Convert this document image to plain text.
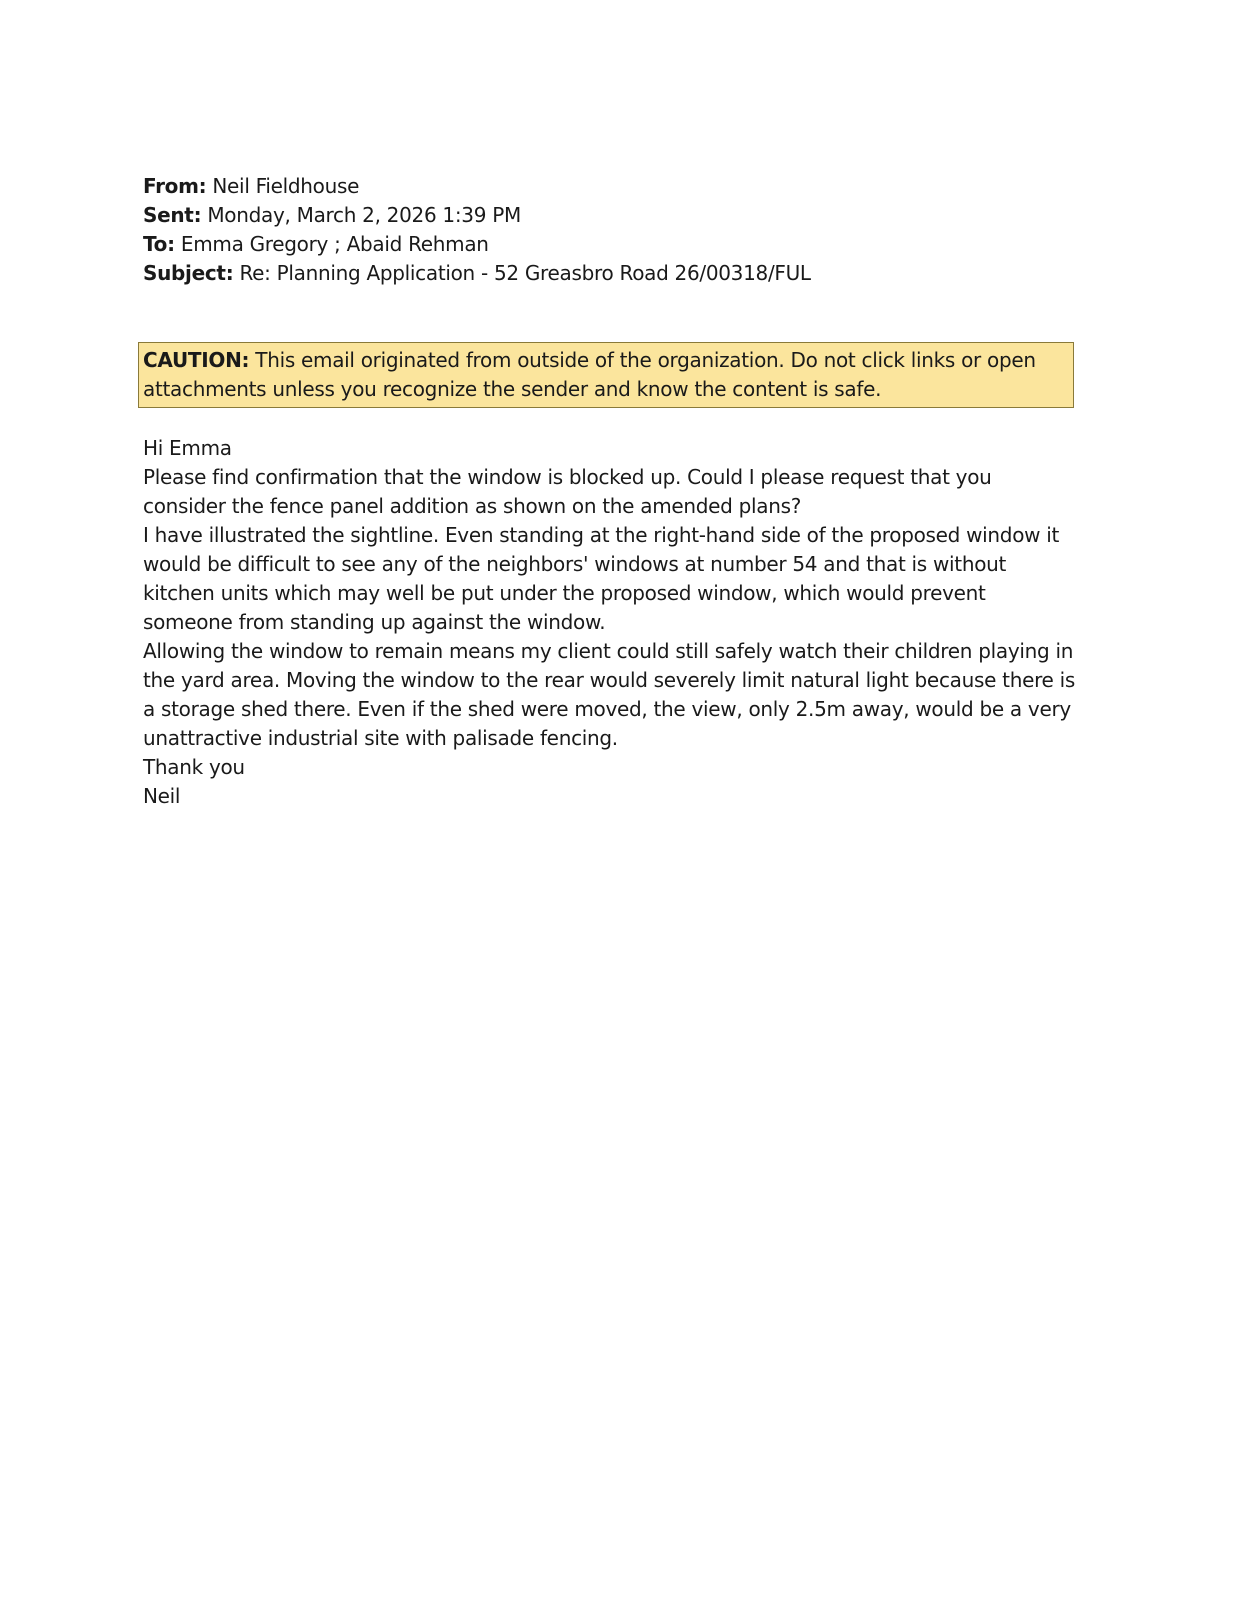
From: Neil Fieldhouse
Sent: Monday, March 2, 2026 1:39 PM
To: Emma Gregory ; Abaid Rehman
Subject: Re: Planning Application - 52 Greasbro Road 26/00318/FUL
CAUTION: This email originated from outside of the organization. Do not click links or open
attachments unless you recognize the sender and know the content is safe.
Hi Emma
Please find confirmation that the window is blocked up. Could I please request that you
consider the fence panel addition as shown on the amended plans?
I have illustrated the sightline. Even standing at the right-hand side of the proposed window it
would be difficult to see any of the neighbors' windows at number 54 and that is without
kitchen units which may well be put under the proposed window, which would prevent
someone from standing up against the window.
Allowing the window to remain means my client could still safely watch their children playing in
the yard area. Moving the window to the rear would severely limit natural light because there is
a storage shed there. Even if the shed were moved, the view, only 2.5m away, would be a very
unattractive industrial site with palisade fencing.
Thank you
Neil
